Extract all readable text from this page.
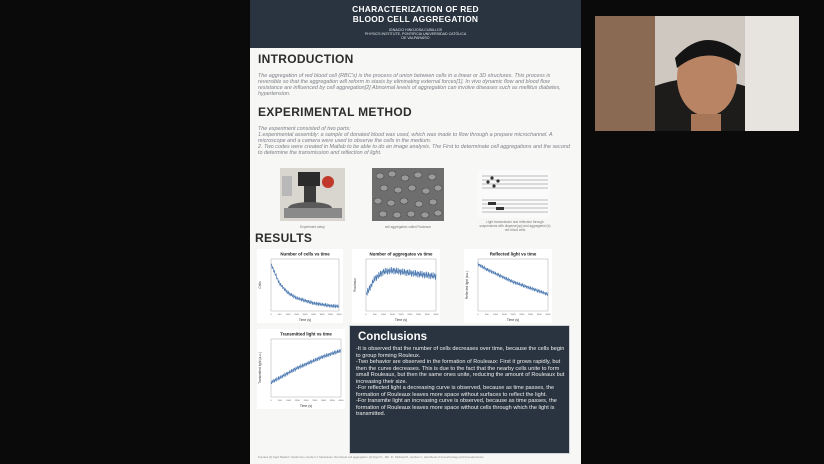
CHARACTERIZATION OF RED
BLOOD CELL AGGREGATION
IGNACIO HINOJOSA CUBILLOS
PHYSICS INSTITUTE, PONTIFICIA UNIVERSIDAD CATÓLICA
DE VALPARAÍSO
INTRODUCTION
The aggregation of red blood cell (RBC's) is the process of union between cells in a linear or 3D structures. This process is reversible so that the aggregation will reform in stasis by eliminating external forces[1]. In vivo dynamic flow and blood flow resistance are influenced by cell aggregation[2] Abnormal levels of aggregation can involve diseases such as mellitus diabetes, hypertension.
EXPERIMENTAL METHOD
The experiment consisted of two parts:
1.experimental assembly: a sample of donated blood was used, which was made to flow through a prepare microchannel. A microscope and a camera were used to observe the cells in the medium.
2. Two codes were created in Matlab to be able to do an image analysis. The First to determinate cell aggregations and the second to determine the transmission and reflection of light.
Experiment setup	cell aggregation called Rouleaux
Light transmission and reflection through suspensions with disperse(up) and aggregated (b) red blood cells
RESULTS
Number of cells vs time
Time (s)
Cells
0	500	1000	1500	2000	2500	3000	3500	4000
Number of aggregates vs time
Time (s)
Rouleaux
0	500	1000	1500	2000	2500	3000	3500	4000
Reflected light vs time
Time (s)
Reflected light (a.u.)
0	500	1000	1500	2000	2500	3000	3500	4000
Transmitted light vs time
Time (s)
Transmitted light (a.u.)
0	500	1000	1500	2000	2500	3000	3500	4000
Fuentes [1] Oguz Baskurt, Sarah Neu, Herbert J. Meiselman. Red blood cell aggregation. [2] Oguz K., Min. R., Michael M., Herbert J., Handbook of hemorheology and hemodynamics.
Conclusions
-It is observed that the number of cells decreases over time, because the cells begin to group forming Rouleux.
-Two behavior are observed in the formation of Rouleaux: First it grows rapidly, but then the curve decreases. This is due to the fact that the nearby cells unite to form small Rouleaux, but then the same ones unite, reducing the amount of Rouleaux but increasing their size.
-For reflected light a decreasing curve is observed, because as time passes, the formation of Rouleaux leaves more space without surfaces to reflect the light.
-For transmite light an increasing curve is observed, because as time passes, the formation of Rouleaux leaves more space without cells through which the light is transmitted.
